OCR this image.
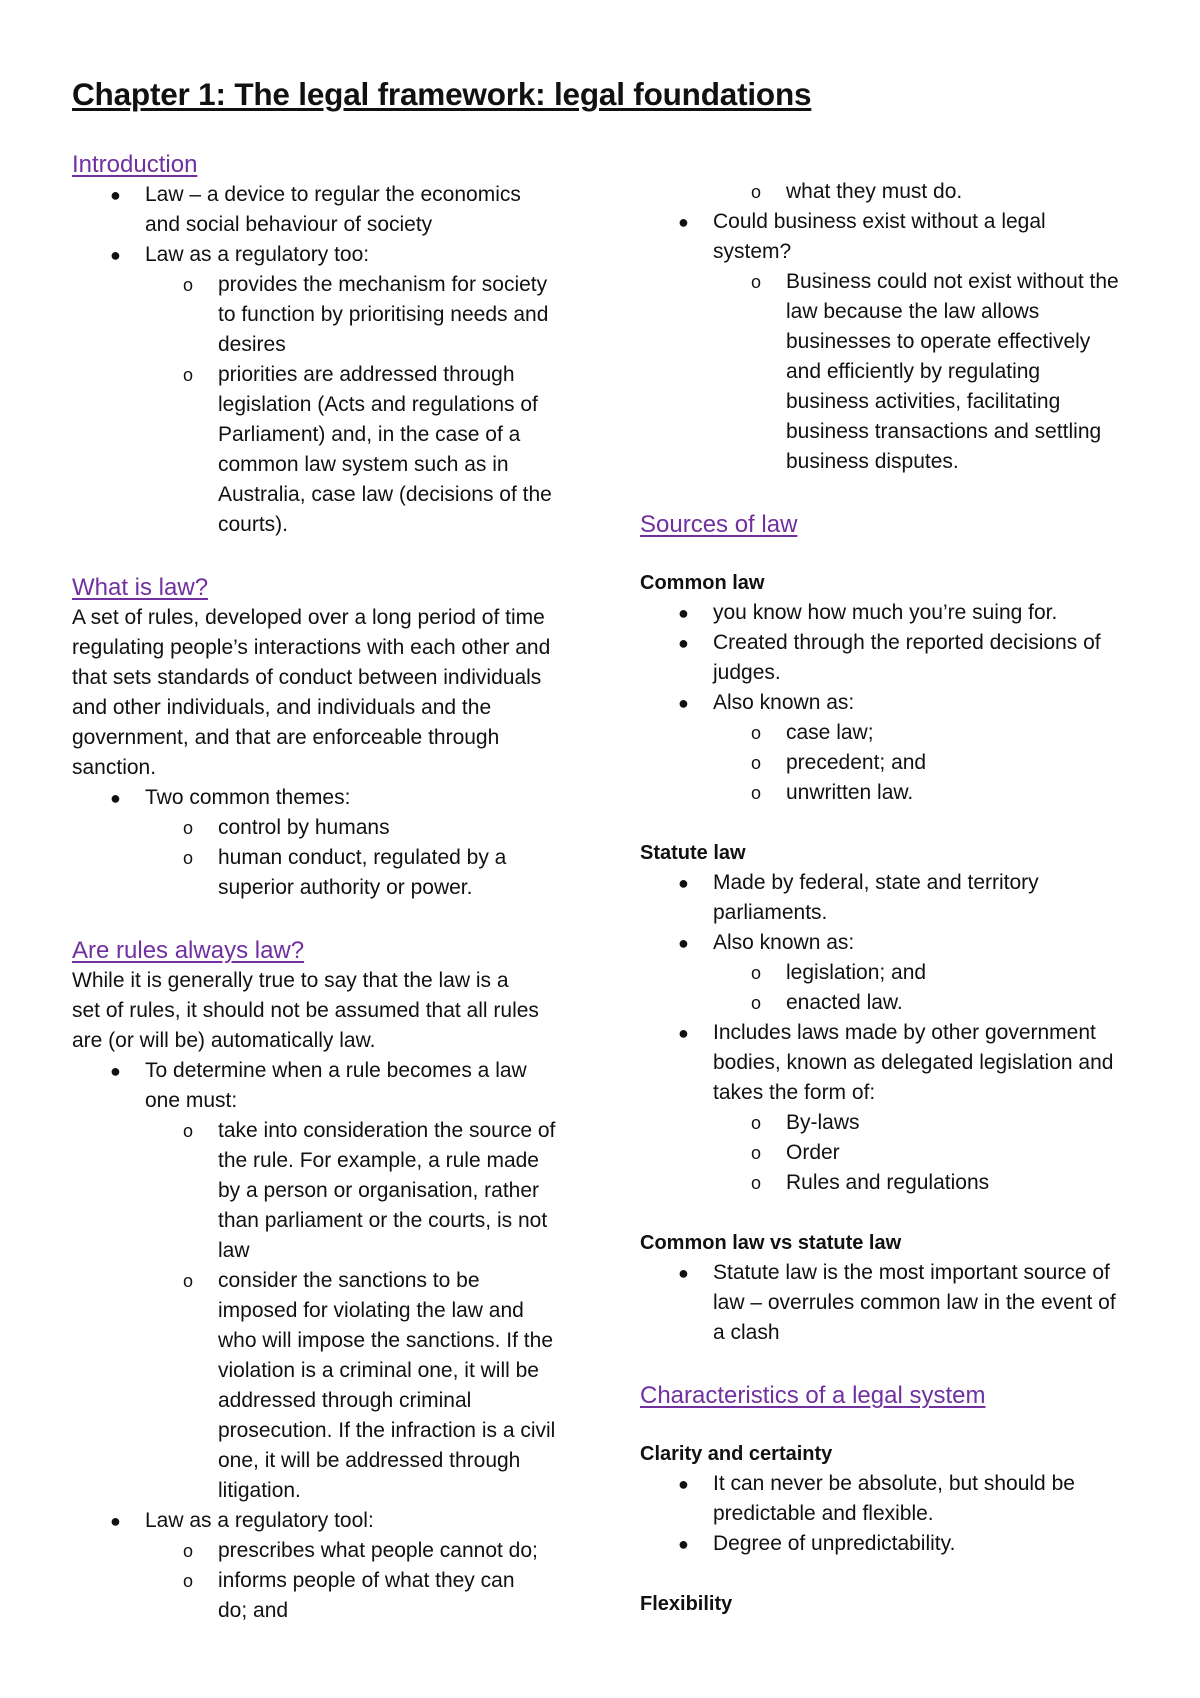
Chapter 1: The legal framework: legal foundations
Introduction
● Law – a device to regular the economics and social behaviour of society
● Law as a regulatory too:
o provides the mechanism for society to function by prioritising needs and desires
o priorities are addressed through legislation (Acts and regulations of Parliament) and, in the case of a common law system such as in Australia, case law (decisions of the courts).
What is law?
A set of rules, developed over a long period of time regulating people’s interactions with each other and that sets standards of conduct between individuals and other individuals, and individuals and the government, and that are enforceable through sanction.
● Two common themes:
o control by humans
o human conduct, regulated by a superior authority or power.
Are rules always law?
While it is generally true to say that the law is a set of rules, it should not be assumed that all rules are (or will be) automatically law.
● To determine when a rule becomes a law one must:
o take into consideration the source of the rule. For example, a rule made by a person or organisation, rather than parliament or the courts, is not law
o consider the sanctions to be imposed for violating the law and who will impose the sanctions. If the violation is a criminal one, it will be addressed through criminal prosecution. If the infraction is a civil one, it will be addressed through litigation.
● Law as a regulatory tool:
o prescribes what people cannot do;
o informs people of what they can do; and
o what they must do.
● Could business exist without a legal system?
o Business could not exist without the law because the law allows businesses to operate effectively and efficiently by regulating business activities, facilitating business transactions and settling business disputes.
Sources of law
Common law
● you know how much you’re suing for.
● Created through the reported decisions of judges.
● Also known as:
o case law;
o precedent; and
o unwritten law.
Statute law
● Made by federal, state and territory parliaments.
● Also known as:
o legislation; and
o enacted law.
● Includes laws made by other government bodies, known as delegated legislation and takes the form of:
o By-laws
o Order
o Rules and regulations
Common law vs statute law
● Statute law is the most important source of law – overrules common law in the event of a clash
Characteristics of a legal system
Clarity and certainty
● It can never be absolute, but should be predictable and flexible.
● Degree of unpredictability.
Flexibility
